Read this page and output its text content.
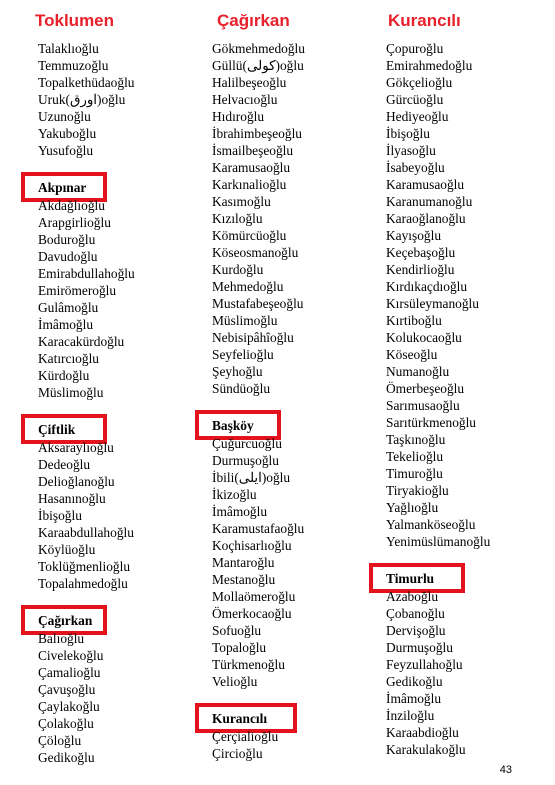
Toklumen
Talaklıoğlu
Temmuzoğlu
Topalkethüdaoğlu
Uruk(اورق)oğlu
Uzunoğlu
Yakuboğlu
Yusufoğlu
Akpınar
Akdağlıoğlu
Arapgirlioğlu
Boduroğlu
Davudoğlu
Emirabdullahoğlu
Emirömeroğlu
Gulâmoğlu
İmâmoğlu
Karacakürdoğlu
Katırcıoğlu
Kürdoğlu
Müslimoğlu
Çiftlik
Aksaraylıoğlu
Dedeoğlu
Delioğlanoğlu
Hasanınoğlu
İbişoğlu
Karaabdullahoğlu
Köylüoğlu
Toklüğmenlioğlu
Topalahmedoğlu
Çağırkan
Balıoğlu
Civelekoğlu
Çamalioğlu
Çavuşoğlu
Çaylakoğlu
Çolakoğlu
Çöloğlu
Gedikoğlu
Çağırkan
Gökmehmedoğlu
Güllü(كولى)oğlu
Halilbeşeoğlu
Helvacıoğlu
Hıdıroğlu
İbrahimbeşeoğlu
İsmailbeşeoğlu
Karamusaoğlu
Karkınalioğlu
Kasımoğlu
Kızıloğlu
Kömürcüoğlu
Köseosmanoğlu
Kurdoğlu
Mehmedoğlu
Mustafabeşeoğlu
Müslimoğlu
Nebisipâhîoğlu
Seyfelioğlu
Şeyhoğlu
Sündüoğlu
Başköy
Çuğurcuoğlu
Durmuşoğlu
İbili(ايلى)oğlu
İkizoğlu
İmâmoğlu
Karamustafaoğlu
Koçhisarlıoğlu
Mantaroğlu
Mestanoğlu
Mollaömeroğlu
Ömerkocaoğlu
Sofuoğlu
Topaloğlu
Türkmenoğlu
Velioğlu
Kurancılı
Çerçialioğlu
Çircioğlu
Kurancılı
Çopuroğlu
Emirahmedoğlu
Gökçelioğlu
Gürcüoğlu
Hediyeoğlu
İbişoğlu
İlyasoğlu
İsabeyoğlu
Karamusaoğlu
Karanumanoğlu
Karaoğlanoğlu
Kayışoğlu
Keçebaşoğlu
Kendirlioğlu
Kırdıkaçdıoğlu
Kırsüleymanoğlu
Kırtiboğlu
Kolukocaoğlu
Köseoğlu
Numanoğlu
Ömerbeşeoğlu
Sarımusaoğlu
Sarıtürkmenoğlu
Taşkınoğlu
Tekelioğlu
Timuroğlu
Tiryakioğlu
Yağlıoğlu
Yalmanköseoğlu
Yenimüslümanoğlu
Timurlu
Azaboğlu
Çobanoğlu
Dervişoğlu
Durmuşoğlu
Feyzullahoğlu
Gedikoğlu
İmâmoğlu
İnziloğlu
Karaabdioğlu
Karakulakoğlu
43
